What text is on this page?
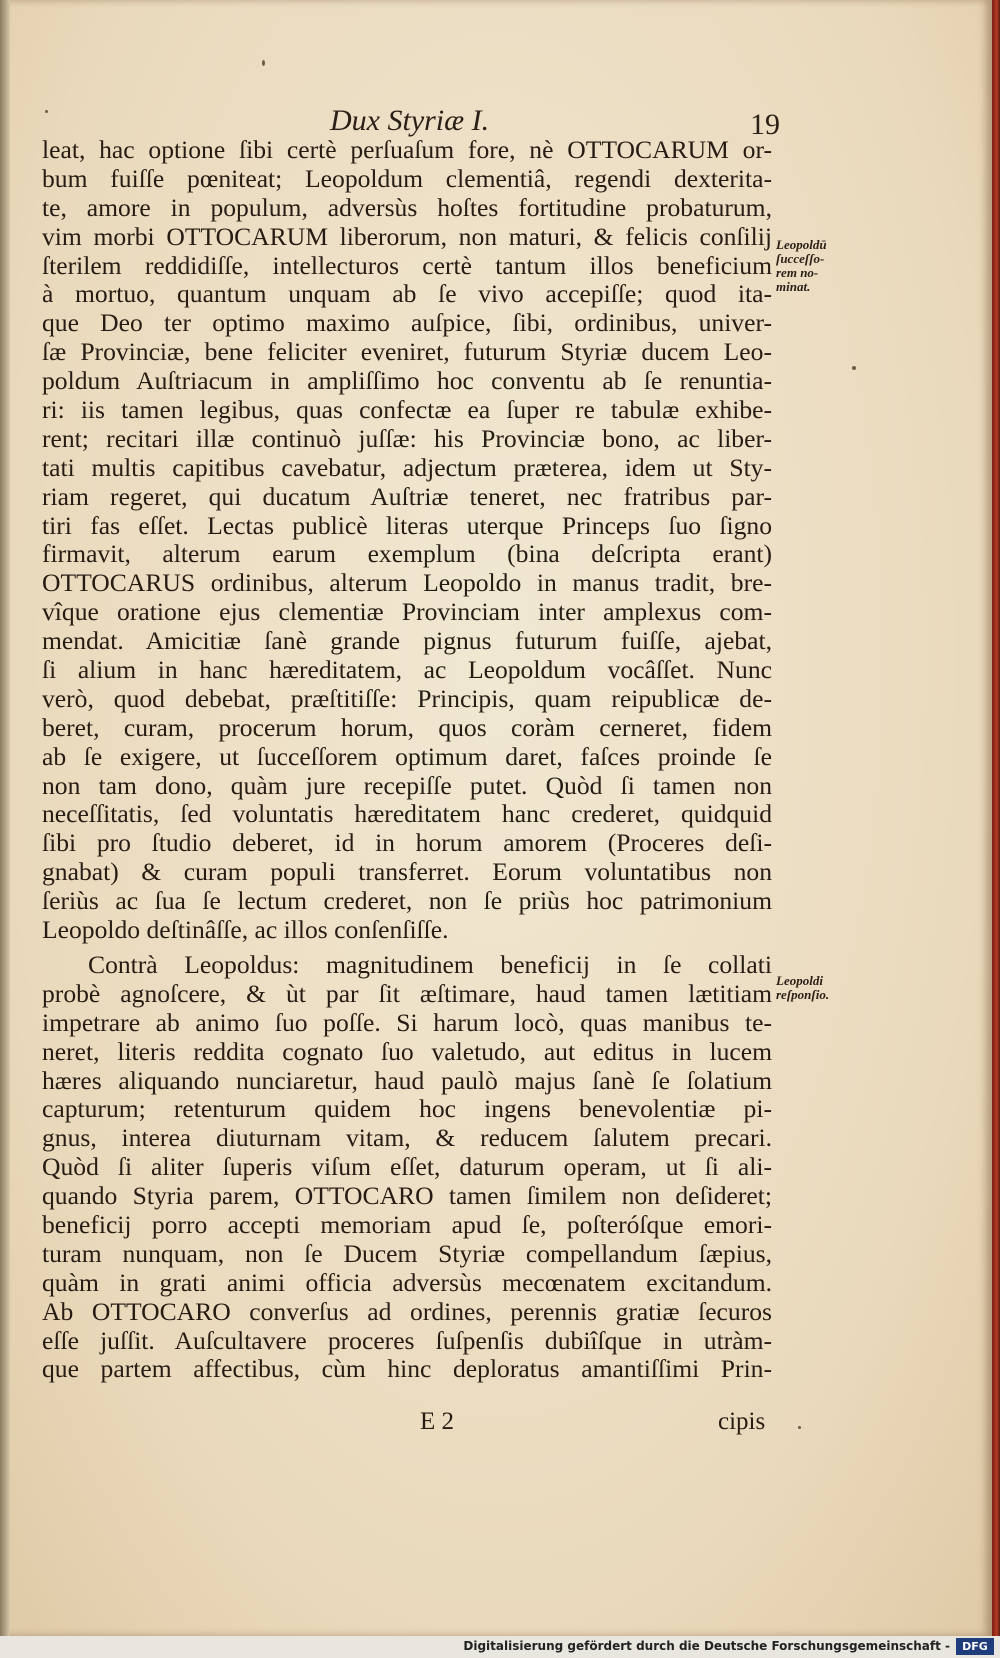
Dux Styriæ I.	19
leat, hac optione ſibi certè perſuaſum fore, nè OTTOCARUM or-
bum fuiſſe pœniteat; Leopoldum clementiâ, regendi dexterita-
te, amore in populum, adversùs hoſtes fortitudine probaturum,
vim morbi OTTOCARUM liberorum, non maturi, & felicis conſilij
ſterilem reddidiſſe, intellecturos certè tantum illos beneficium
à mortuo, quantum unquam ab ſe vivo accepiſſe; quod ita-
que Deo ter optimo maximo auſpice, ſibi, ordinibus, univer-
ſæ Provinciæ, bene feliciter eveniret, futurum Styriæ ducem Leo-
poldum Auſtriacum in ampliſſimo hoc conventu ab ſe renuntia-
ri: iis tamen legibus, quas confectæ ea ſuper re tabulæ exhibe-
rent; recitari illæ continuò juſſæ: his Provinciæ bono, ac liber-
tati multis capitibus cavebatur, adjectum præterea, idem ut Sty-
riam regeret, qui ducatum Auſtriæ teneret, nec fratribus par-
tiri fas eſſet. Lectas publicè literas uterque Princeps ſuo ſigno
firmavit, alterum earum exemplum (bina deſcripta erant)
OTTOCARUS ordinibus, alterum Leopoldo in manus tradit, bre-
vîque oratione ejus clementiæ Provinciam inter amplexus com-
mendat. Amicitiæ ſanè grande pignus futurum fuiſſe, ajebat,
ſi alium in hanc hæreditatem, ac Leopoldum vocâſſet. Nunc
verò, quod debebat, præſtitiſſe: Principis, quam reipublicæ de-
beret, curam, procerum horum, quos coràm cerneret, fidem
ab ſe exigere, ut ſucceſſorem optimum daret, faſces proinde ſe
non tam dono, quàm jure recepiſſe putet. Quòd ſi tamen non
neceſſitatis, ſed voluntatis hæreditatem hanc crederet, quidquid
ſibi pro ſtudio deberet, id in horum amorem (Proceres deſi-
gnabat) & curam populi transferret. Eorum voluntatibus non
ſeriùs ac ſua ſe lectum crederet, non ſe priùs hoc patrimonium
Leopoldo deſtinâſſe, ac illos conſenſiſſe.
Contrà Leopoldus: magnitudinem beneficij in ſe collati
probè agnoſcere, & ùt par ſit æſtimare, haud tamen lætitiam
impetrare ab animo ſuo poſſe. Si harum locò, quas manibus te-
neret, literis reddita cognato ſuo valetudo, aut editus in lucem
hæres aliquando nunciaretur, haud paulò majus ſanè ſe ſolatium
capturum; retenturum quidem hoc ingens benevolentiæ pi-
gnus, interea diuturnam vitam, & reducem ſalutem precari.
Quòd ſi aliter ſuperis viſum eſſet, daturum operam, ut ſi ali-
quando Styria parem, OTTOCARO tamen ſimilem non deſideret;
beneficij porro accepti memoriam apud ſe, poſteróſque emori-
turam nunquam, non ſe Ducem Styriæ compellandum ſæpius,
quàm in grati animi officia adversùs mecœnatem excitandum.
Ab OTTOCARO converſus ad ordines, perennis gratiæ ſecuros
eſſe juſſit. Auſcultavere proceres ſuſpenſis dubiîſque in utràm-
que partem affectibus, cùm hinc deploratus amantiſſimi Prin-
Leopoldū
ſucceſſo-
rem no-
minat.
Leopoldi
reſponſio.
E 2	cipis
Digitalisierung gefördert durch die Deutsche Forschungsgemeinschaft -	DFG
